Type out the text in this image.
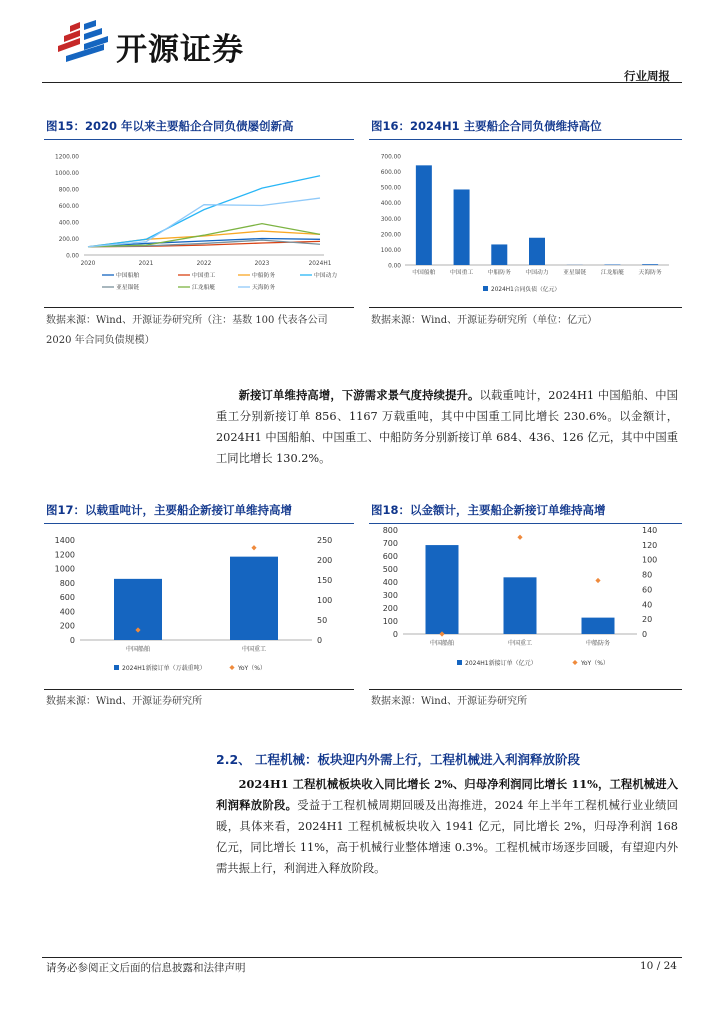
开源证券
行业周报
图15：2020 年以来主要船企合同负债屡创新高
0.00
200.00
400.00
600.00
800.00
1000.00
1200.00
2020	2021	2022	2023	2024H1
中国船舶	中国重工	中船防务	中国动力
亚星锚链	江龙船艇	天海防务
数据来源：Wind、开源证券研究所（注：基数 100 代表各公司 2020 年合同负债规模）
图16：2024H1 主要船企合同负债维持高位
0.00
100.00
200.00
300.00
400.00
500.00
600.00
700.00
中国船舶	中国重工	中船防务	中国动力	亚星锚链	江龙船艇	天海防务
2024H1合同负债（亿元）
数据来源：Wind、开源证券研究所（单位：亿元）
新接订单维持高增，下游需求景气度持续提升。以载重吨计，2024H1 中国船舶、中国重工分别新接订单 856、1167 万载重吨，其中中国重工同比增长 230.6%。以金额计，2024H1 中国船舶、中国重工、中船防务分别新接订单 684、436、126 亿元，其中中国重工同比增长 130.2%。
图17：以载重吨计，主要船企新接订单维持高增
0
200
400
600
800
1000
1200
1400
0
50
100
150
200
250
中国船舶	中国重工
2024H1新接订单（万载重吨）	YoY（%）
数据来源：Wind、开源证券研究所
图18：以金额计，主要船企新接订单维持高增
0
100
200
300
400
500
600
700
800
0
20
40
60
80
100
120
140
中国船舶	中国重工	中船防务
2024H1新接订单（亿元）	YoY（%）
数据来源：Wind、开源证券研究所
2.2、 工程机械：板块迎内外需上行，工程机械进入利润释放阶段
2024H1 工程机械板块收入同比增长 2%、归母净利润同比增长 11%，工程机械进入利润释放阶段。受益于工程机械周期回暖及出海推进，2024 年上半年工程机械行业业绩回暖，具体来看，2024H1 工程机械板块收入 1941 亿元，同比增长 2%，归母净利润 168 亿元，同比增长 11%，高于机械行业整体增速 0.3%。工程机械市场逐步回暖，有望迎内外需共振上行，利润进入释放阶段。
请务必参阅正文后面的信息披露和法律声明	10 / 24
